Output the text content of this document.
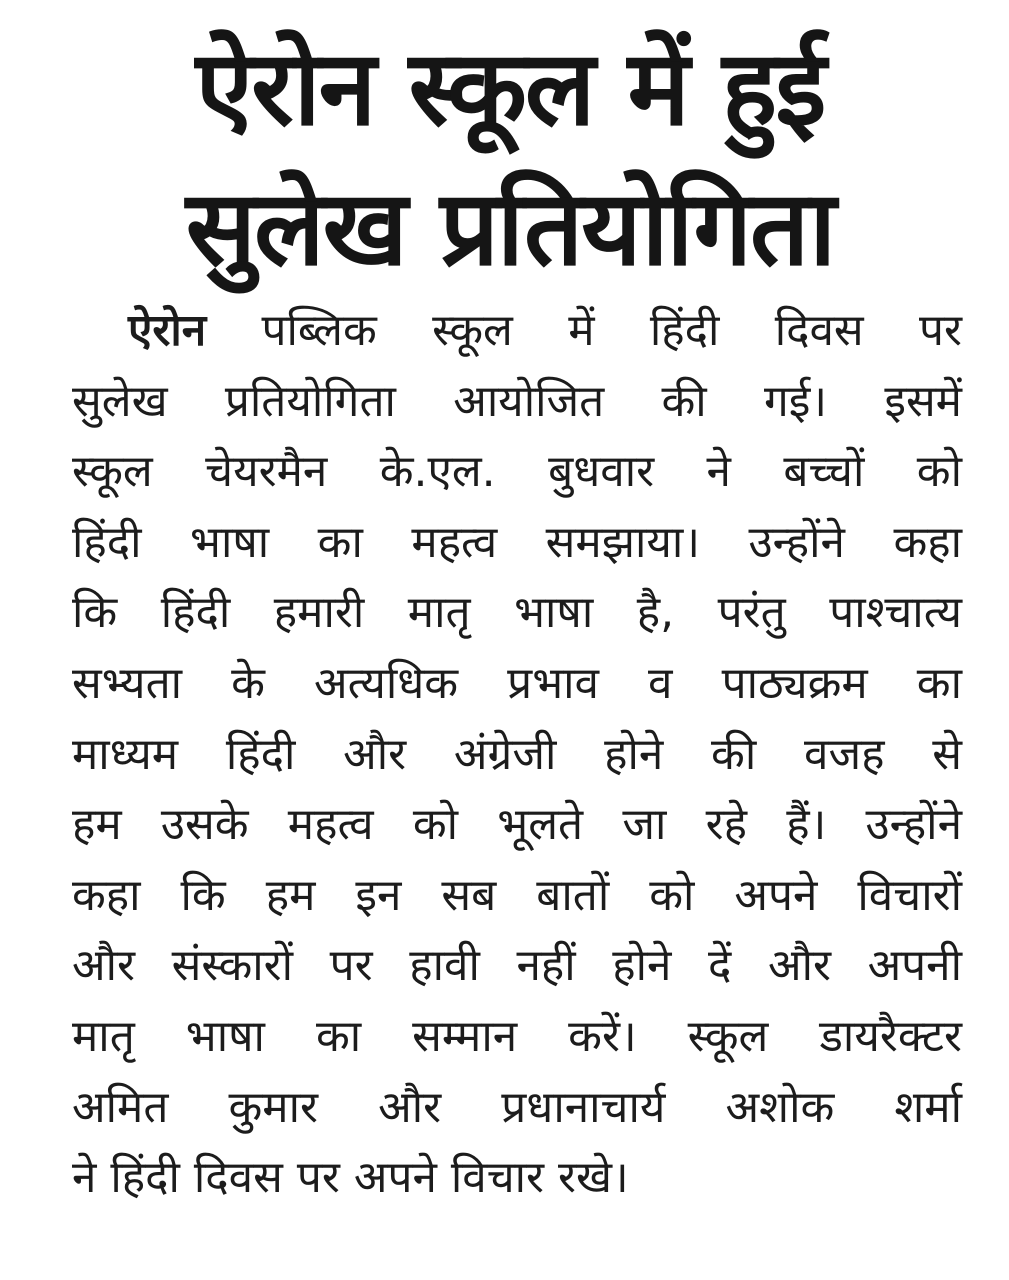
ऐरोन स्कूल में हुई
सुलेख प्रतियोगिता
ऐरोन पब्लिक स्कूल में हिंदी दिवस पर
सुलेख प्रतियोगिता आयोजित की गई। इसमें
स्कूल चेयरमैन के.एल. बुधवार ने बच्चों को
हिंदी भाषा का महत्व समझाया। उन्होंने कहा
कि हिंदी हमारी मातृ भाषा है, परंतु पाश्चात्य
सभ्यता के अत्यधिक प्रभाव व पाठ्यक्रम का
माध्यम हिंदी और अंग्रेजी होने की वजह से
हम उसके महत्व को भूलते जा रहे हैं। उन्होंने
कहा कि हम इन सब बातों को अपने विचारों
और संस्कारों पर हावी नहीं होने दें और अपनी
मातृ भाषा का सम्मान करें। स्कूल डायरैक्टर
अमित कुमार और प्रधानाचार्य अशोक शर्मा
ने हिंदी दिवस पर अपने विचार रखे।
